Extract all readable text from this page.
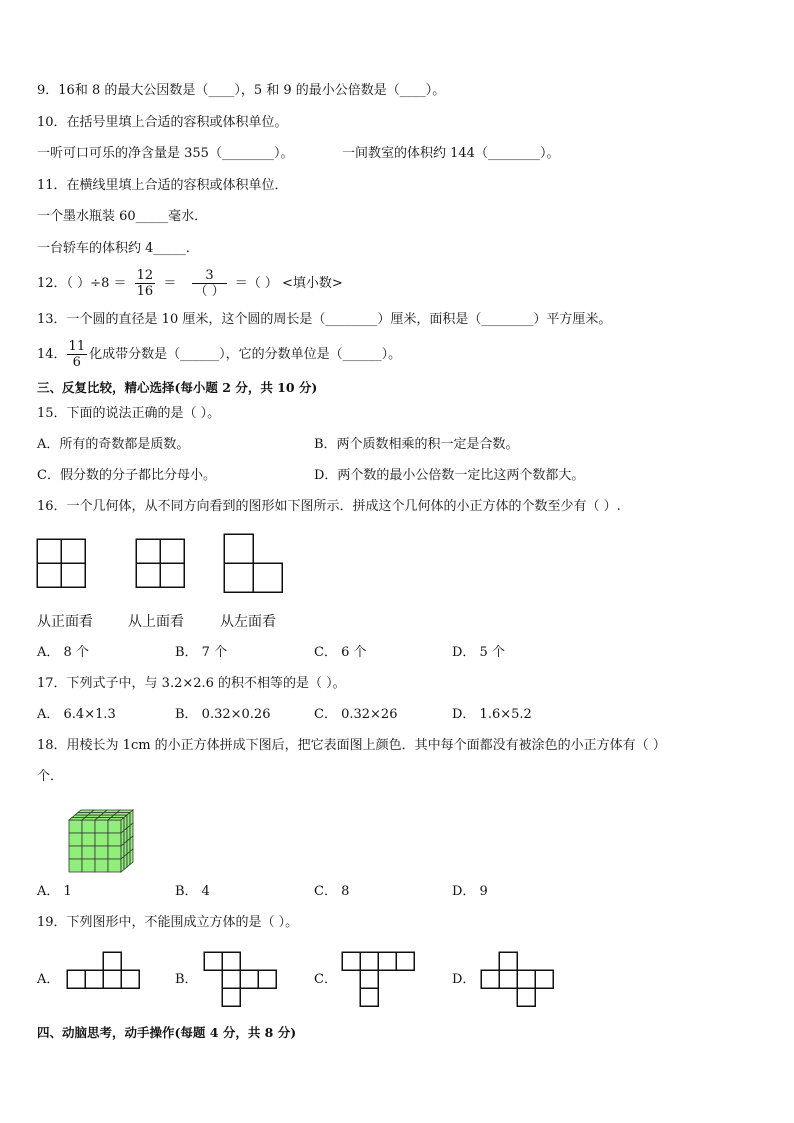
9．16和 8 的最大公因数是（____），5 和 9 的最小公倍数是（____）。
10．在括号里填上合适的容积或体积单位。
一听可口可乐的净含量是 355（________）。	一间教室的体积约 144（________）。
11．在横线里填上合适的容积或体积单位．
一个墨水瓶装 60_____毫水．
一台轿车的体积约 4_____．
12．（ ）$\div 8 = \frac{12}{16} = \frac{3}{( )}$ ＝（ ） <填小数>
13．一个圆的直径是 10 厘米，这个圆的周长是（________）厘米，面积是（________）平方厘米。
14． $\frac{11}{6}$ 化成带分数是（______），它的分数单位是（______）。
三、反复比较，精心选择(每小题 2 分，共 10 分)
15．下面的说法正确的是（ ）。
A．所有的奇数都是质数。	B．两个质数相乘的积一定是合数。
C．假分数的分子都比分母小。	D．两个数的最小公倍数一定比这两个数都大。
16．一个几何体，从不同方向看到的图形如下图所示．拼成这个几何体的小正方体的个数至少有（ ）.
从正面看	从上面看	从左面看
A． 8 个	B． 7 个	C． 6 个	D． 5 个
17．下列式子中，与 3.2×2.6 的积不相等的是（ ）。
A． 6.4×1.3	B． 0.32×0.26	C． 0.32×26	D． 1.6×5.2
18．用棱长为 1cm 的小正方体拼成下图后，把它表面图上颜色．其中每个面都没有被涂色的小正方体有（ ）
个．
A． 1	B． 4	C． 8	D． 9
19．下列图形中，不能围成立方体的是（ ）。
A．	B．	C．	D．
四、动脑思考，动手操作(每题 4 分，共 8 分)
